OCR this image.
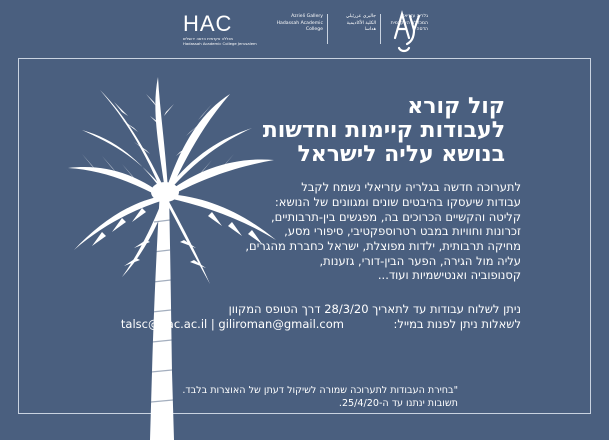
HAC
מכללה אקדמית הדסה ירושלים
Hadassah Academic College Jerusalem
Azrieli Gallery
Hadassah Academic
College
جاليري عزرئيلي
الكلية الأكاديمية
هداسا
גלריה עזריאלי
המכללה האקדמית
הדסה
קול קורא
לעבודות קיימות וחדשות
בנושא עליה לישראל
לתערוכה חדשה בגלריה עזריאלי נשמח לקבל
עבודות שיעסקו בהיבטים שונים ומגוונים של הנושא:
קליטה והקשיים הכרוכים בה, מפגשים בין-תרבותיים,
זכרונות וחוויות במבט רטרוספקטיבי, סיפורי מסע,
מחיקה תרבותית, ילדות מפוצלת, ישראל כחברת מהגרים,
עליה מול הגירה, הפער הבין-דורי, גזענות,
קסנופוביה ואנטישמיות ועוד...
ניתן לשלוח עבודות עד לתאריך 28/3/20 דרך הטופס המקוון
לשאלות ניתן לפנות במייל:
talsc@hac.ac.il | giliroman@gmail.com
"בחירת העבודות לתערוכה שמורה לשיקול דעתן של האוצרות בלבד.
תשובות ינתנו עד ה-25/4/20.
